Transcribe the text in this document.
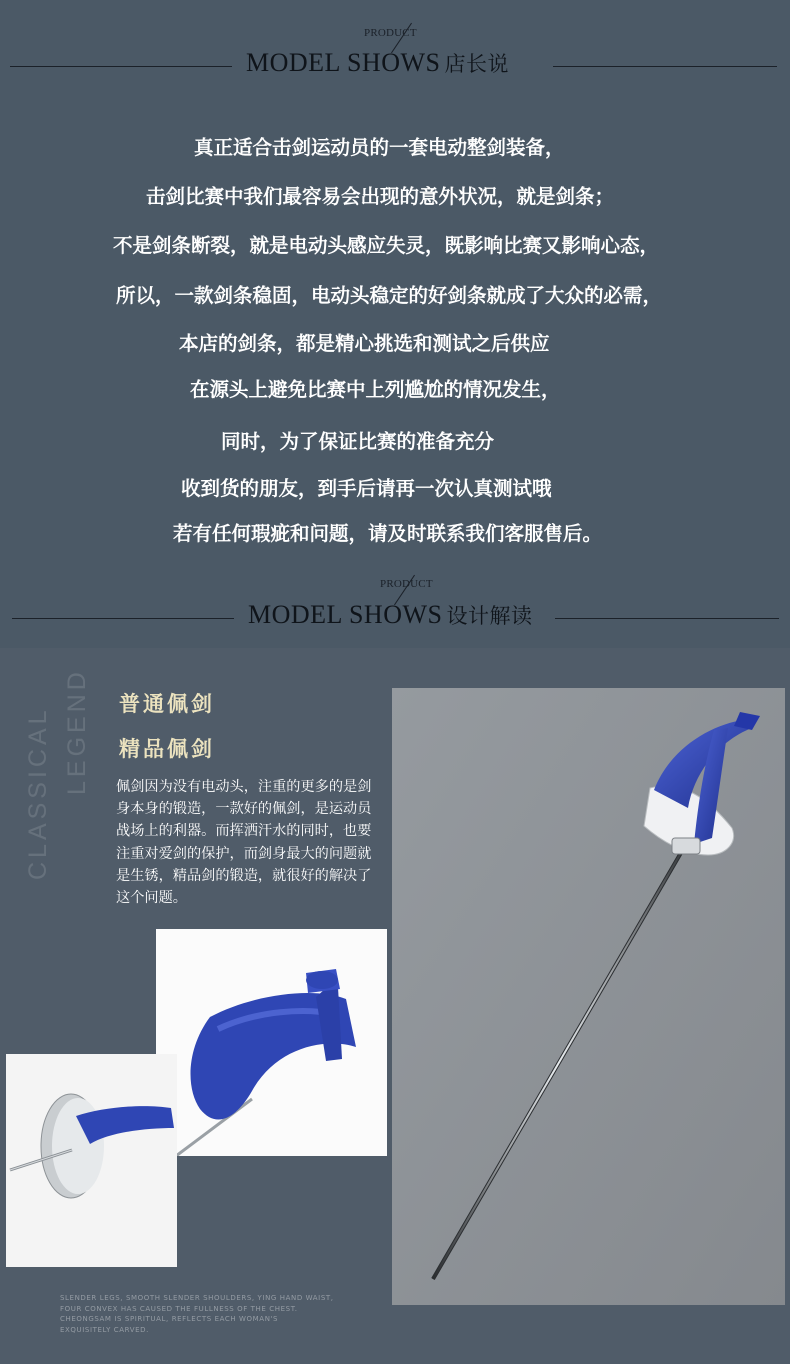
PRODUCT
MODEL SHOWS 店长说

真正适合击剑运动员的一套电动整剑装备，

击剑比赛中我们最容易会出现的意外状况，就是剑条；

不是剑条断裂，就是电动头感应失灵，既影响比赛又影响心态，

所以，一款剑条稳固，电动头稳定的好剑条就成了大众的必需，

本店的剑条，都是精心挑选和测试之后供应

在源头上避免比赛中上列尴尬的情况发生，

同时，为了保证比赛的准备充分

收到货的朋友，到手后请再一次认真测试哦

若有任何瑕疵和问题，请及时联系我们客服售后。

PRODUCT
MODEL SHOWS 设计解读
CLASSICAL LEGEND 普通佩剑
精品佩剑
佩剑因为没有电动头，注重的更多的是剑身本身的锻造，一款好的佩剑，是运动员战场上的利器。而挥洒汗水的同时，也要注重对爱剑的保护，而剑身最大的问题就是生锈，精品剑的锻造，就很好的解决了这个问题。
SLENDER LEGS, SMOOTH SLENDER SHOULDERS, YING HAND WAIST,
FOUR CONVEX HAS CAUSED THE FULLNESS OF THE CHEST.
CHEONGSAM IS SPIRITUAL, REFLECTS EACH WOMAN'S
EXQUISITELY CARVED.
